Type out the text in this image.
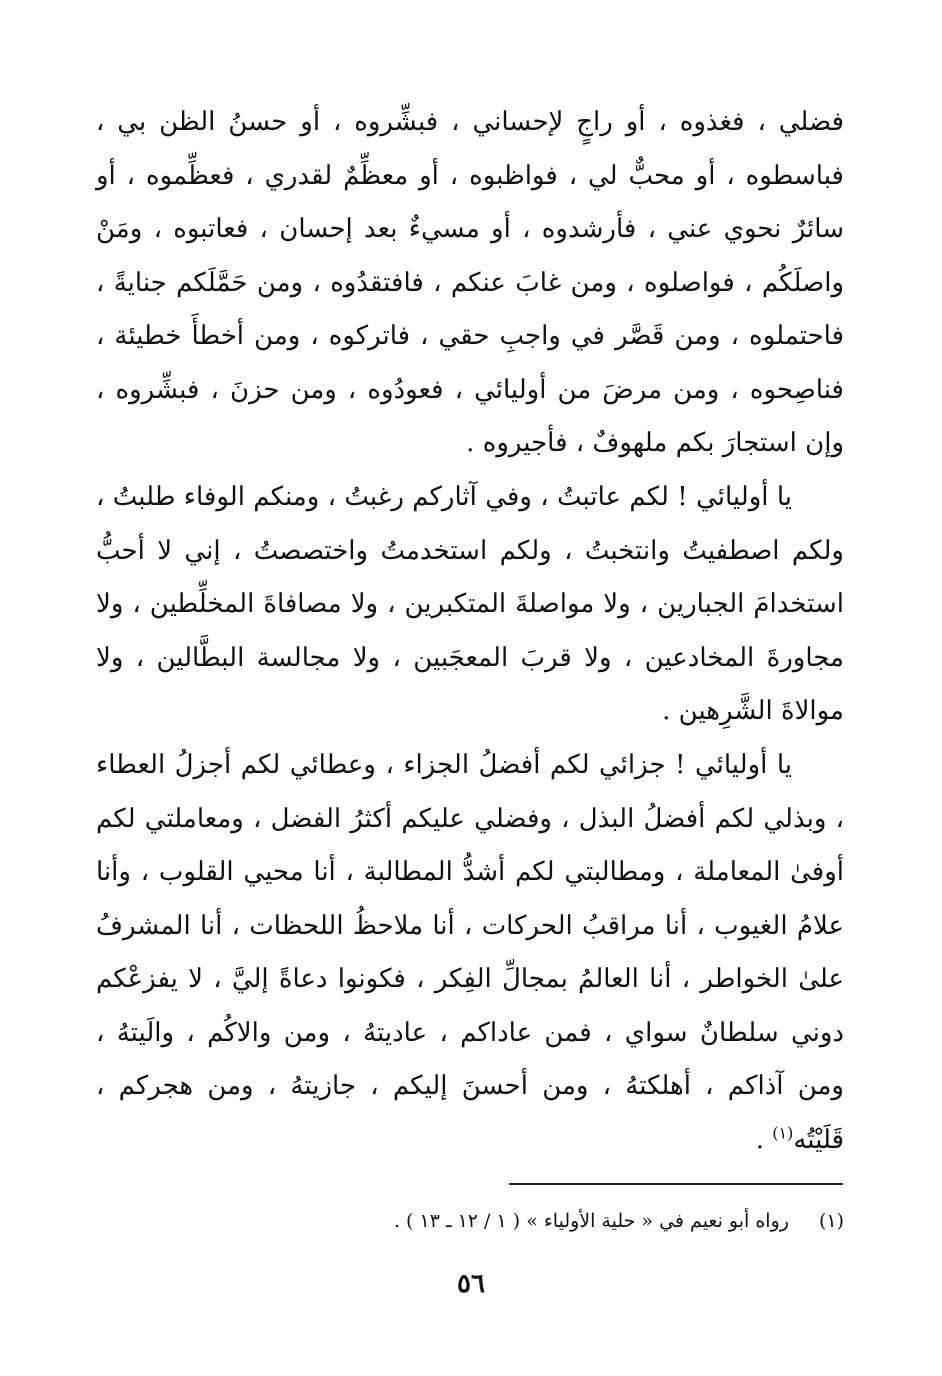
فضلي ، فغذوه ، أو راجٍ لإحساني ، فبشِّروه ، أو حسنُ الظن بي ، فباسطوه ، أو محبٌّ لي ، فواظبوه ، أو معظِّمٌ لقدري ، فعظِّموه ، أو سائرٌ نحوي عني ، فأرشدوه ، أو مسيءٌ بعد إحسان ، فعاتبوه ، ومَنْ واصلَكُم ، فواصلوه ، ومن غابَ عنكم ، فافتقدُوه ، ومن حَمَّلَكم جنايةً ، فاحتملوه ، ومن قَصَّر في واجبِ حقي ، فاتركوه ، ومن أخطأَ خطيئة ، فناصِحوه ، ومن مرضَ من أوليائي ، فعودُوه ، ومن حزنَ ، فبشِّروه ، وإن استجارَ بكم ملهوفٌ ، فأجيروه .

يا أوليائي ! لكم عاتبتُ ، وفي آثاركم رغبتُ ، ومنكم الوفاء طلبتُ ، ولكم اصطفيتُ وانتخبتُ ، ولكم استخدمتُ واختصصتُ ، إني لا أحبُّ استخدامَ الجبارين ، ولا مواصلةَ المتكبرين ، ولا مصافاةَ المخلِّطين ، ولا مجاورةَ المخادعين ، ولا قربَ المعجَبين ، ولا مجالسة البطَّالين ، ولا موالاةَ الشَّرِهين .

يا أوليائي ! جزائي لكم أفضلُ الجزاء ، وعطائي لكم أجزلُ العطاء ، وبذلي لكم أفضلُ البذل ، وفضلي عليكم أكثرُ الفضل ، ومعاملتي لكم أوفىٰ المعاملة ، ومطالبتي لكم أشدُّ المطالبة ، أنا محيي القلوب ، وأنا علامُ الغيوب ، أنا مراقبُ الحركات ، أنا ملاحظُ اللحظات ، أنا المشرفُ علىٰ الخواطر ، أنا العالمُ بمجالِّ الفِكر ، فكونوا دعاةً إليَّ ، لا يفزعْكم دوني سلطانٌ سواي ، فمن عاداكم ، عاديتهُ ، ومن والاكُم ، والَيتهُ ، ومن آذاكم ، أهلكتهُ ، ومن أحسنَ إليكم ، جازيتهُ ، ومن هجركم ، قَلَيْتُه$^{(١)}$ .

(١)رواه أبو نعيم في « حلية الأولياء » ( ١ / ١٢ ـ ١٣ ) .
٥٦
